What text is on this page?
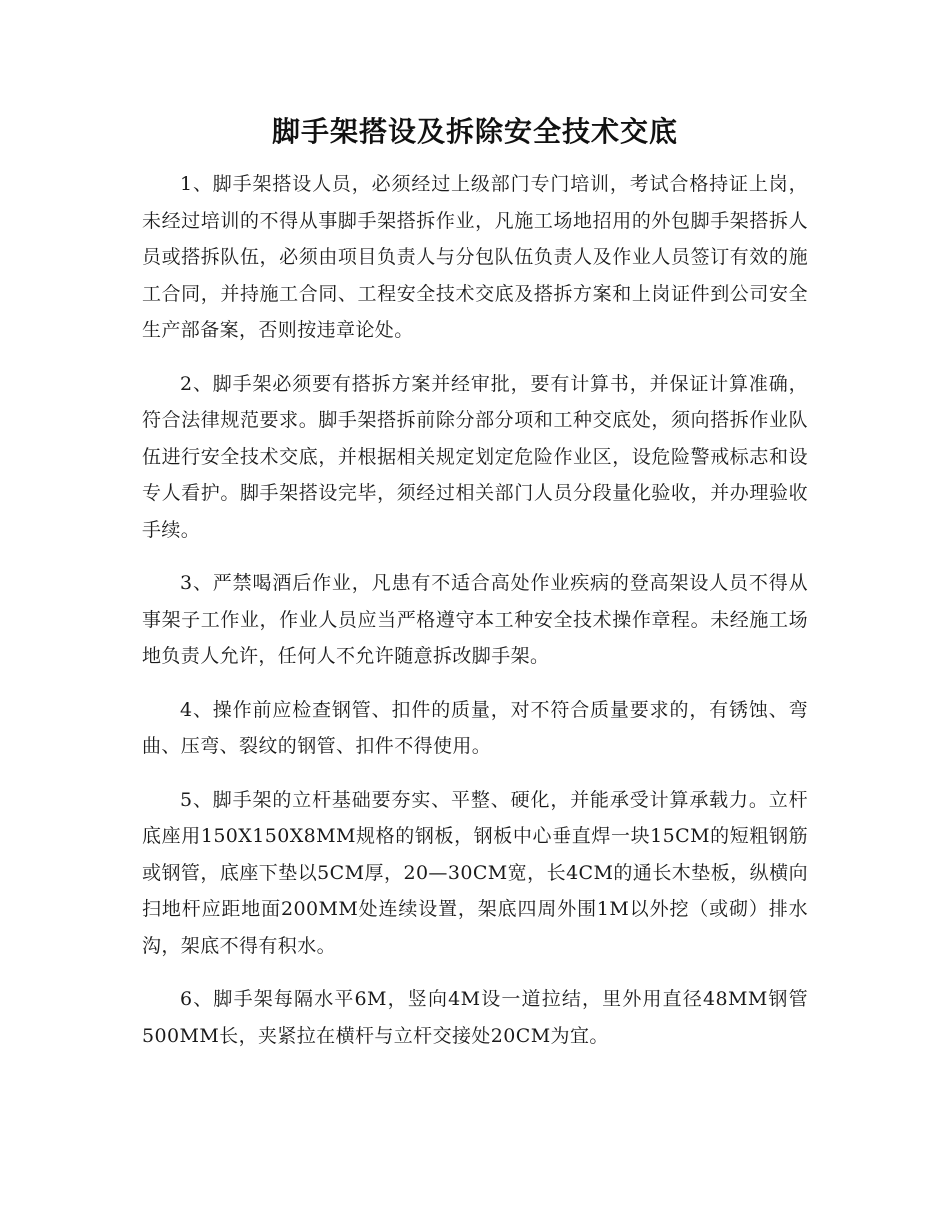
脚手架搭设及拆除安全技术交底

1、脚手架搭设人员，必须经过上级部门专门培训，考试合格持证上岗，未经过培训的不得从事脚手架搭拆作业，凡施工场地招用的外包脚手架搭拆人员或搭拆队伍，必须由项目负责人与分包队伍负责人及作业人员签订有效的施工合同，并持施工合同、工程安全技术交底及搭拆方案和上岗证件到公司安全生产部备案，否则按违章论处。

2、脚手架必须要有搭拆方案并经审批，要有计算书，并保证计算准确，符合法律规范要求。脚手架搭拆前除分部分项和工种交底处，须向搭拆作业队伍进行安全技术交底，并根据相关规定划定危险作业区，设危险警戒标志和设专人看护。脚手架搭设完毕，须经过相关部门人员分段量化验收，并办理验收手续。

3、严禁喝酒后作业，凡患有不适合高处作业疾病的登高架设人员不得从事架子工作业，作业人员应当严格遵守本工种安全技术操作章程。未经施工场地负责人允许，任何人不允许随意拆改脚手架。

4、操作前应检查钢管、扣件的质量，对不符合质量要求的，有锈蚀、弯曲、压弯、裂纹的钢管、扣件不得使用。

5、脚手架的立杆基础要夯实、平整、硬化，并能承受计算承载力。立杆底座用150X150X8MM规格的钢板，钢板中心垂直焊一块15CM的短粗钢筋或钢管，底座下垫以5CM厚，20—30CM宽，长4CM的通长木垫板，纵横向扫地杆应距地面200MM处连续设置，架底四周外围1M以外挖（或砌）排水沟，架底不得有积水。

6、脚手架每隔水平6M，竖向4M设一道拉结，里外用直径48MM钢管500MM长，夹紧拉在横杆与立杆交接处20CM为宜。
